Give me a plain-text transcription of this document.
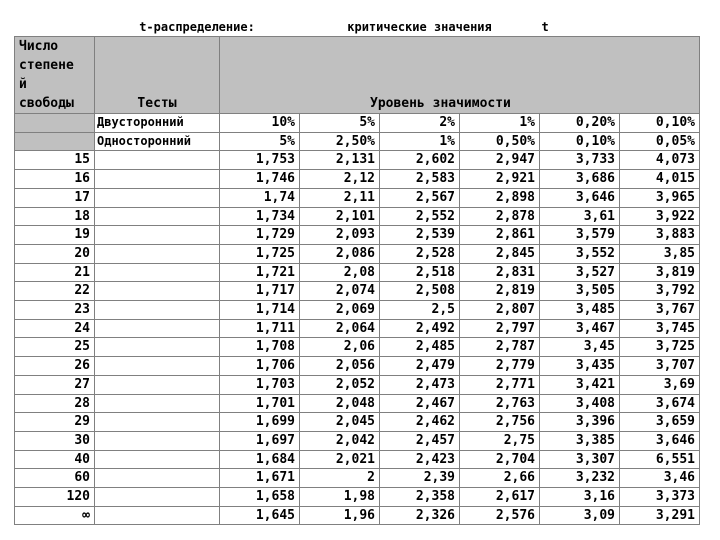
	t-распределение:		критические значения			t	

Число
степене
й
свободы	Тесты	Уровень значимости					
	Двусторонний	10%	5%	2%	1%	0,20%	0,10%
	Односторонний	5%	2,50%	1%	0,50%	0,10%	0,05%
15		1,753	2,131	2,602	2,947	3,733	4,073
16		1,746	2,12	2,583	2,921	3,686	4,015
17		1,74	2,11	2,567	2,898	3,646	3,965
18		1,734	2,101	2,552	2,878	3,61	3,922
19		1,729	2,093	2,539	2,861	3,579	3,883
20		1,725	2,086	2,528	2,845	3,552	3,85
21		1,721	2,08	2,518	2,831	3,527	3,819
22		1,717	2,074	2,508	2,819	3,505	3,792
23		1,714	2,069	2,5	2,807	3,485	3,767
24		1,711	2,064	2,492	2,797	3,467	3,745
25		1,708	2,06	2,485	2,787	3,45	3,725
26		1,706	2,056	2,479	2,779	3,435	3,707
27		1,703	2,052	2,473	2,771	3,421	3,69
28		1,701	2,048	2,467	2,763	3,408	3,674
29		1,699	2,045	2,462	2,756	3,396	3,659
30		1,697	2,042	2,457	2,75	3,385	3,646
40		1,684	2,021	2,423	2,704	3,307	6,551
60		1,671	2	2,39	2,66	3,232	3,46
120		1,658	1,98	2,358	2,617	3,16	3,373
∞		1,645	1,96	2,326	2,576	3,09	3,291
